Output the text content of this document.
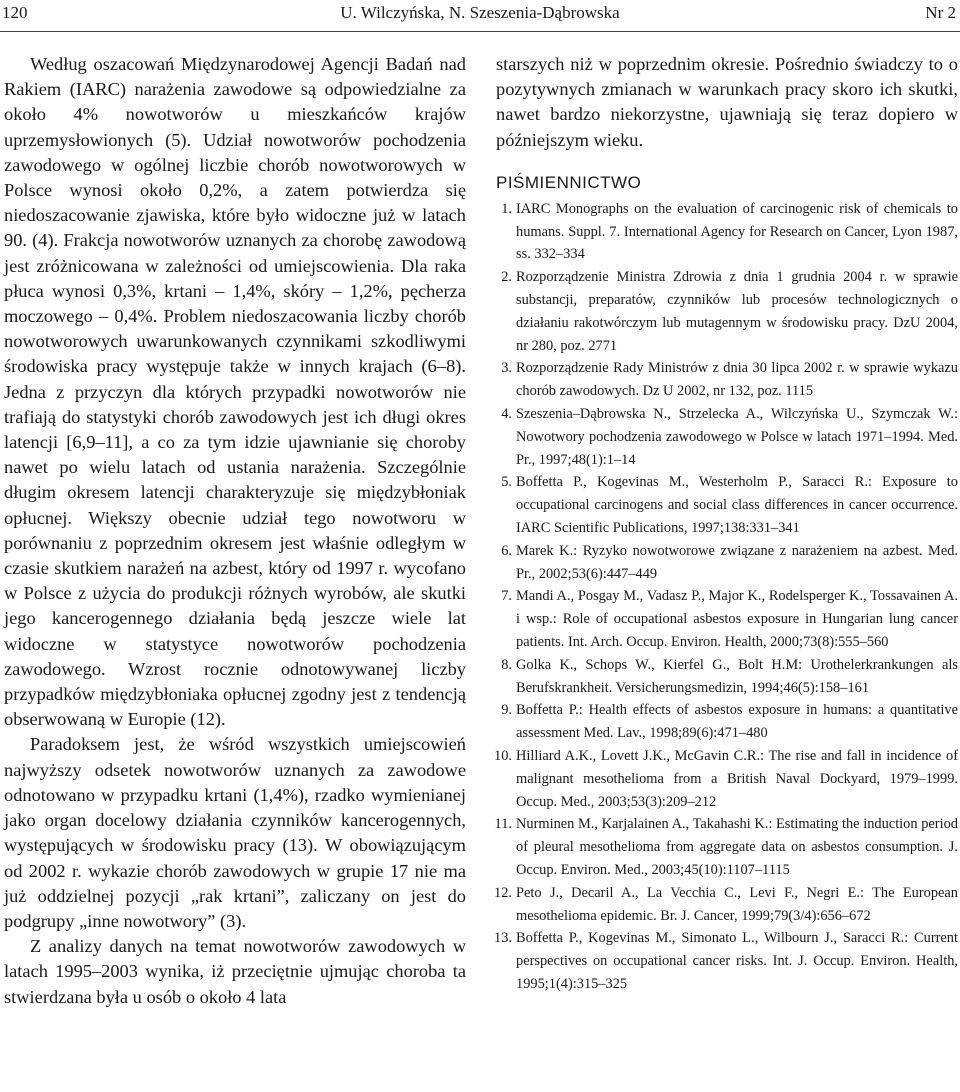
120	U. Wilczyńska, N. Szeszenia-Dąbrowska	Nr 2

Według oszacowań Międzynarodowej Agencji Badań nad Rakiem (IARC) narażenia zawodowe są odpowiedzialne za około 4% nowotworów u mieszkańców krajów uprzemysłowionych (5). Udział nowotworów pochodzenia zawodowego w ogólnej liczbie chorób nowotworowych w Polsce wynosi około 0,2%, a zatem potwierdza się niedoszacowanie zjawiska, które było widoczne już w latach 90. (4). Frakcja nowotworów uznanych za chorobę zawodową jest zróżnicowana w zależności od umiejscowienia. Dla raka płuca wynosi 0,3%, krtani – 1,4%, skóry – 1,2%, pęcherza moczowego – 0,4%. Problem niedoszacowania liczby chorób nowotworowych uwarunkowanych czynnikami szkodliwymi środowiska pracy występuje także w innych krajach (6–8). Jedna z przyczyn dla których przypadki nowotworów nie trafiają do statystyki chorób zawodowych jest ich długi okres latencji [6,9–11], a co za tym idzie ujawnianie się choroby nawet po wielu latach od ustania narażenia. Szczególnie długim okresem latencji charakteryzuje się międzybłoniak opłucnej. Większy obecnie udział tego nowotworu w porównaniu z poprzednim okresem jest właśnie odległym w czasie skutkiem narażeń na azbest, który od 1997 r. wycofano w Polsce z użycia do produkcji różnych wyrobów, ale skutki jego kancerogennego działania będą jeszcze wiele lat widoczne w statystyce nowotworów pochodzenia zawodowego. Wzrost rocznie odnotowywanej liczby przypadków międzybłoniaka opłucnej zgodny jest z tendencją obserwowaną w Europie (12).

Paradoksem jest, że wśród wszystkich umiejscowień najwyższy odsetek nowotworów uznanych za zawodowe odnotowano w przypadku krtani (1,4%), rzadko wymienianej jako organ docelowy działania czynników kancerogennych, występujących w środowisku pracy (13). W obowiązującym od 2002 r. wykazie chorób zawodowych w grupie 17 nie ma już oddzielnej pozycji „rak krtani”, zaliczany on jest do podgrupy „inne nowotwory” (3).

Z analizy danych na temat nowotworów zawodowych w latach 1995–2003 wynika, iż przeciętnie ujmując choroba ta stwierdzana była u osób o około 4 lata

starszych niż w poprzednim okresie. Pośrednio świadczy to o pozytywnych zmianach w warunkach pracy skoro ich skutki, nawet bardzo niekorzystne, ujawniają się teraz dopiero w późniejszym wieku.

PIŚMIENNICTWO
1. IARC Monographs on the evaluation of carcinogenic risk of chemicals to humans. Suppl. 7. International Agency for Research on Cancer, Lyon 1987, ss. 332–334
2. Rozporządzenie Ministra Zdrowia z dnia 1 grudnia 2004 r. w sprawie substancji, preparatów, czynników lub procesów technologicznych o działaniu rakotwórczym lub mutagennym w środowisku pracy. DzU 2004, nr 280, poz. 2771
3. Rozporządzenie Rady Ministrów z dnia 30 lipca 2002 r. w sprawie wykazu chorób zawodowych. Dz U 2002, nr 132, poz. 1115
4. Szeszenia–Dąbrowska N., Strzelecka A., Wilczyńska U., Szymczak W.: Nowotwory pochodzenia zawodowego w Polsce w latach 1971–1994. Med. Pr., 1997;48(1):1–14
5. Boffetta P., Kogevinas M., Westerholm P., Saracci R.: Exposure to occupational carcinogens and social class differences in cancer occurrence. IARC Scientific Publications, 1997;138:331–341
6. Marek K.: Ryzyko nowotworowe związane z narażeniem na azbest. Med. Pr., 2002;53(6):447–449
7. Mandi A., Posgay M., Vadasz P., Major K., Rodelsperger K., Tossavainen A. i wsp.: Role of occupational asbestos exposure in Hungarian lung cancer patients. Int. Arch. Occup. Environ. Health, 2000;73(8):555–560
8. Golka K., Schops W., Kierfel G., Bolt H.M: Urothelerkrankungen als Berufskrankheit. Versicherungsmedizin, 1994;46(5):158–161
9. Boffetta P.: Health effects of asbestos exposure in humans: a quantitative assessment Med. Lav., 1998;89(6):471–480
10. Hilliard A.K., Lovett J.K., McGavin C.R.: The rise and fall in incidence of malignant mesothelioma from a British Naval Dockyard, 1979–1999. Occup. Med., 2003;53(3):209–212
11. Nurminen M., Karjalainen A., Takahashi K.: Estimating the induction period of pleural mesothelioma from aggregate data on asbestos consumption. J. Occup. Environ. Med., 2003;45(10):1107–1115
12. Peto J., Decaril A., La Vecchia C., Levi F., Negri E.: The European mesothelioma epidemic. Br. J. Cancer, 1999;79(3/4):656–672
13. Boffetta P., Kogevinas M., Simonato L., Wilbourn J., Saracci R.: Current perspectives on occupational cancer risks. Int. J. Occup. Environ. Health, 1995;1(4):315–325
